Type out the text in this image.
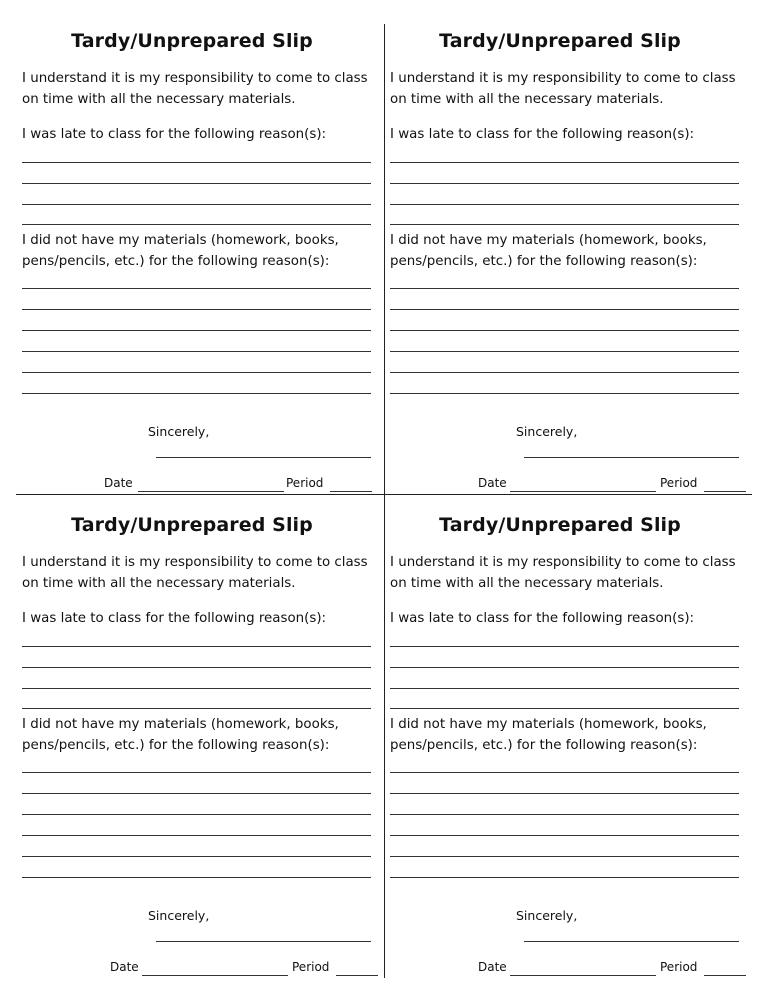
Tardy/Unprepared Slip
I understand it is my responsibility to come to class on time with all the necessary materials.
I was late to class for the following reason(s):
I did not have my materials (homework, books, pens/pencils, etc.) for the following reason(s):
Sincerely,
Date	Period
Tardy/Unprepared Slip
I understand it is my responsibility to come to class on time with all the necessary materials.
I was late to class for the following reason(s):
I did not have my materials (homework, books, pens/pencils, etc.) for the following reason(s):
Sincerely,
Date	Period
Tardy/Unprepared Slip
I understand it is my responsibility to come to class on time with all the necessary materials.
I was late to class for the following reason(s):
I did not have my materials (homework, books, pens/pencils, etc.) for the following reason(s):
Sincerely,
Date	Period
Tardy/Unprepared Slip
I understand it is my responsibility to come to class on time with all the necessary materials.
I was late to class for the following reason(s):
I did not have my materials (homework, books, pens/pencils, etc.) for the following reason(s):
Sincerely,
Date	Period
